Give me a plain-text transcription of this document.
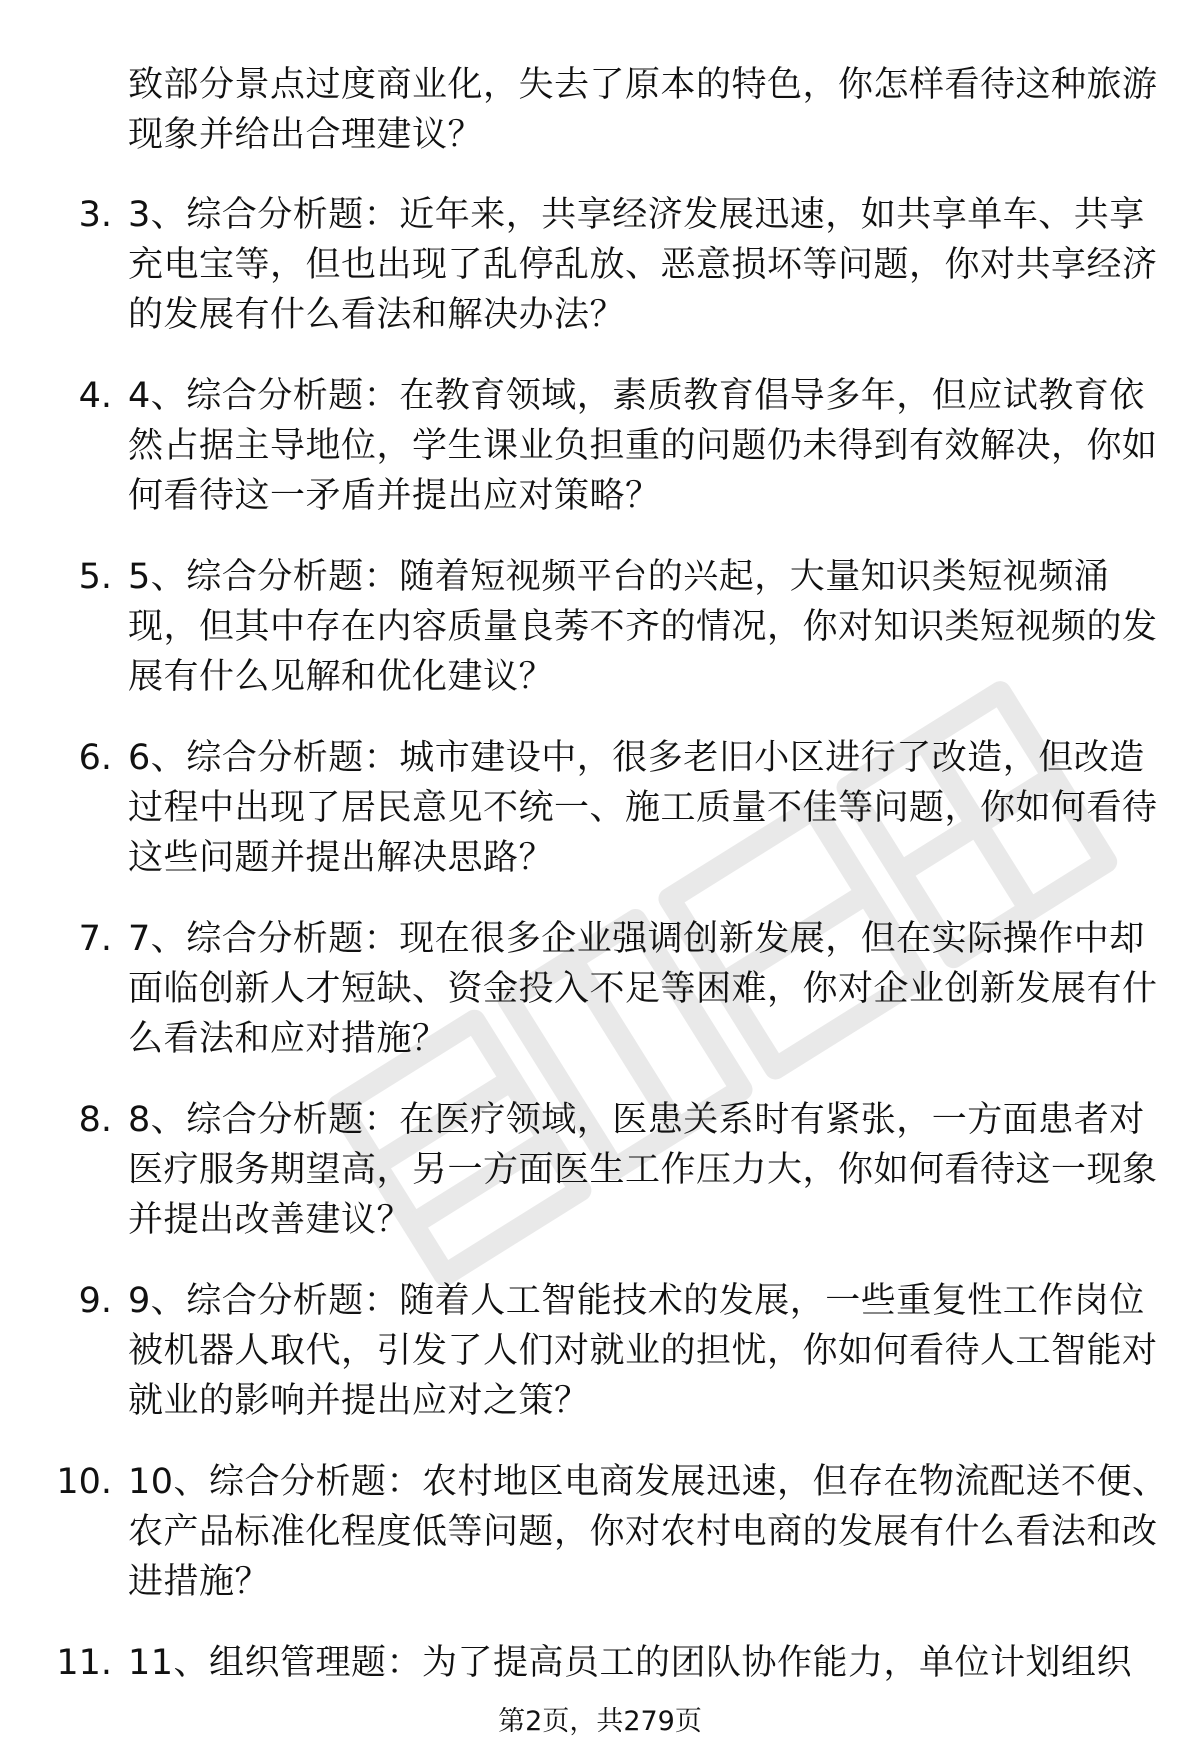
致部分景点过度商业化，失去了原本的特色，你怎样看待这种旅游现象并给出合理建议？
3. 3、综合分析题：近年来，共享经济发展迅速，如共享单车、共享充电宝等，但也出现了乱停乱放、恶意损坏等问题，你对共享经济的发展有什么看法和解决办法？
4. 4、综合分析题：在教育领域，素质教育倡导多年，但应试教育依然占据主导地位，学生课业负担重的问题仍未得到有效解决，你如何看待这一矛盾并提出应对策略？
5. 5、综合分析题：随着短视频平台的兴起，大量知识类短视频涌现，但其中存在内容质量良莠不齐的情况，你对知识类短视频的发展有什么见解和优化建议？
6. 6、综合分析题：城市建设中，很多老旧小区进行了改造，但改造过程中出现了居民意见不统一、施工质量不佳等问题，你如何看待这些问题并提出解决思路？
7. 7、综合分析题：现在很多企业强调创新发展，但在实际操作中却面临创新人才短缺、资金投入不足等困难，你对企业创新发展有什么看法和应对措施？
8. 8、综合分析题：在医疗领域，医患关系时有紧张，一方面患者对医疗服务期望高，另一方面医生工作压力大，你如何看待这一现象并提出改善建议？
9. 9、综合分析题：随着人工智能技术的发展，一些重复性工作岗位被机器人取代，引发了人们对就业的担忧，你如何看待人工智能对就业的影响并提出应对之策？
10. 10、综合分析题：农村地区电商发展迅速，但存在物流配送不便、农产品标准化程度低等问题，你对农村电商的发展有什么看法和改进措施？
11. 11、组织管理题：为了提高员工的团队协作能力，单位计划组织
第2页，共279页
